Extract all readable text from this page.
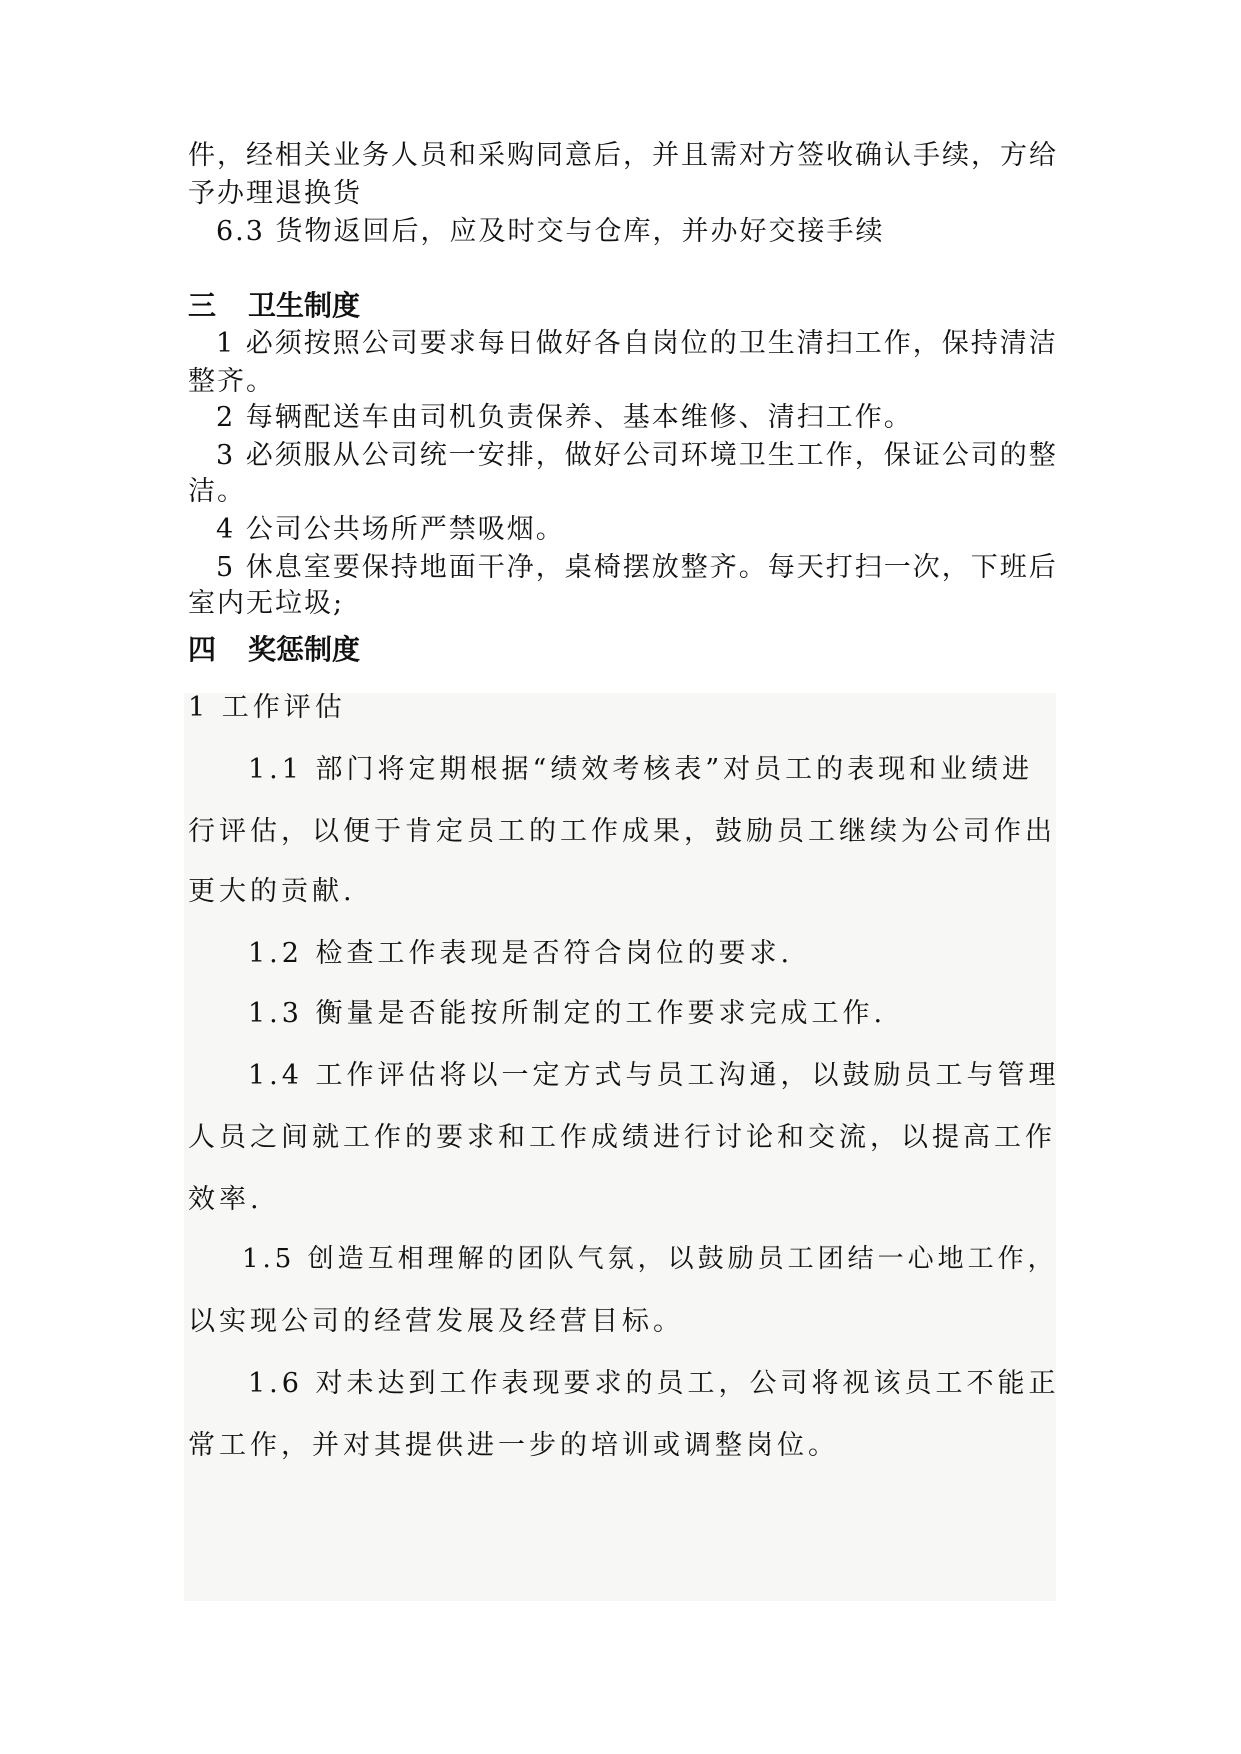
件，经相关业务人员和采购同意后，并且需对方签收确认手续，方给
予办理退换货
6.3 货物返回后，应及时交与仓库，并办好交接手续
三 卫生制度
1 必须按照公司要求每日做好各自岗位的卫生清扫工作，保持清洁
整齐。
2 每辆配送车由司机负责保养、基本维修、清扫工作。
3 必须服从公司统一安排，做好公司环境卫生工作，保证公司的整
洁。
4 公司公共场所严禁吸烟。
5 休息室要保持地面干净，桌椅摆放整齐。每天打扫一次，下班后
室内无垃圾;
四 奖惩制度
1 工作评估
1.1 部门将定期根据“绩效考核表”对员工的表现和业绩进
行评估，以便于肯定员工的工作成果，鼓励员工继续为公司作出
更大的贡献.
1.2 检查工作表现是否符合岗位的要求.
1.3 衡量是否能按所制定的工作要求完成工作.
1.4 工作评估将以一定方式与员工沟通，以鼓励员工与管理
人员之间就工作的要求和工作成绩进行讨论和交流，以提高工作
效率.
1.5 创造互相理解的团队气氛，以鼓励员工团结一心地工作，
以实现公司的经营发展及经营目标。
1.6 对未达到工作表现要求的员工，公司将视该员工不能正
常工作，并对其提供进一步的培训或调整岗位。
